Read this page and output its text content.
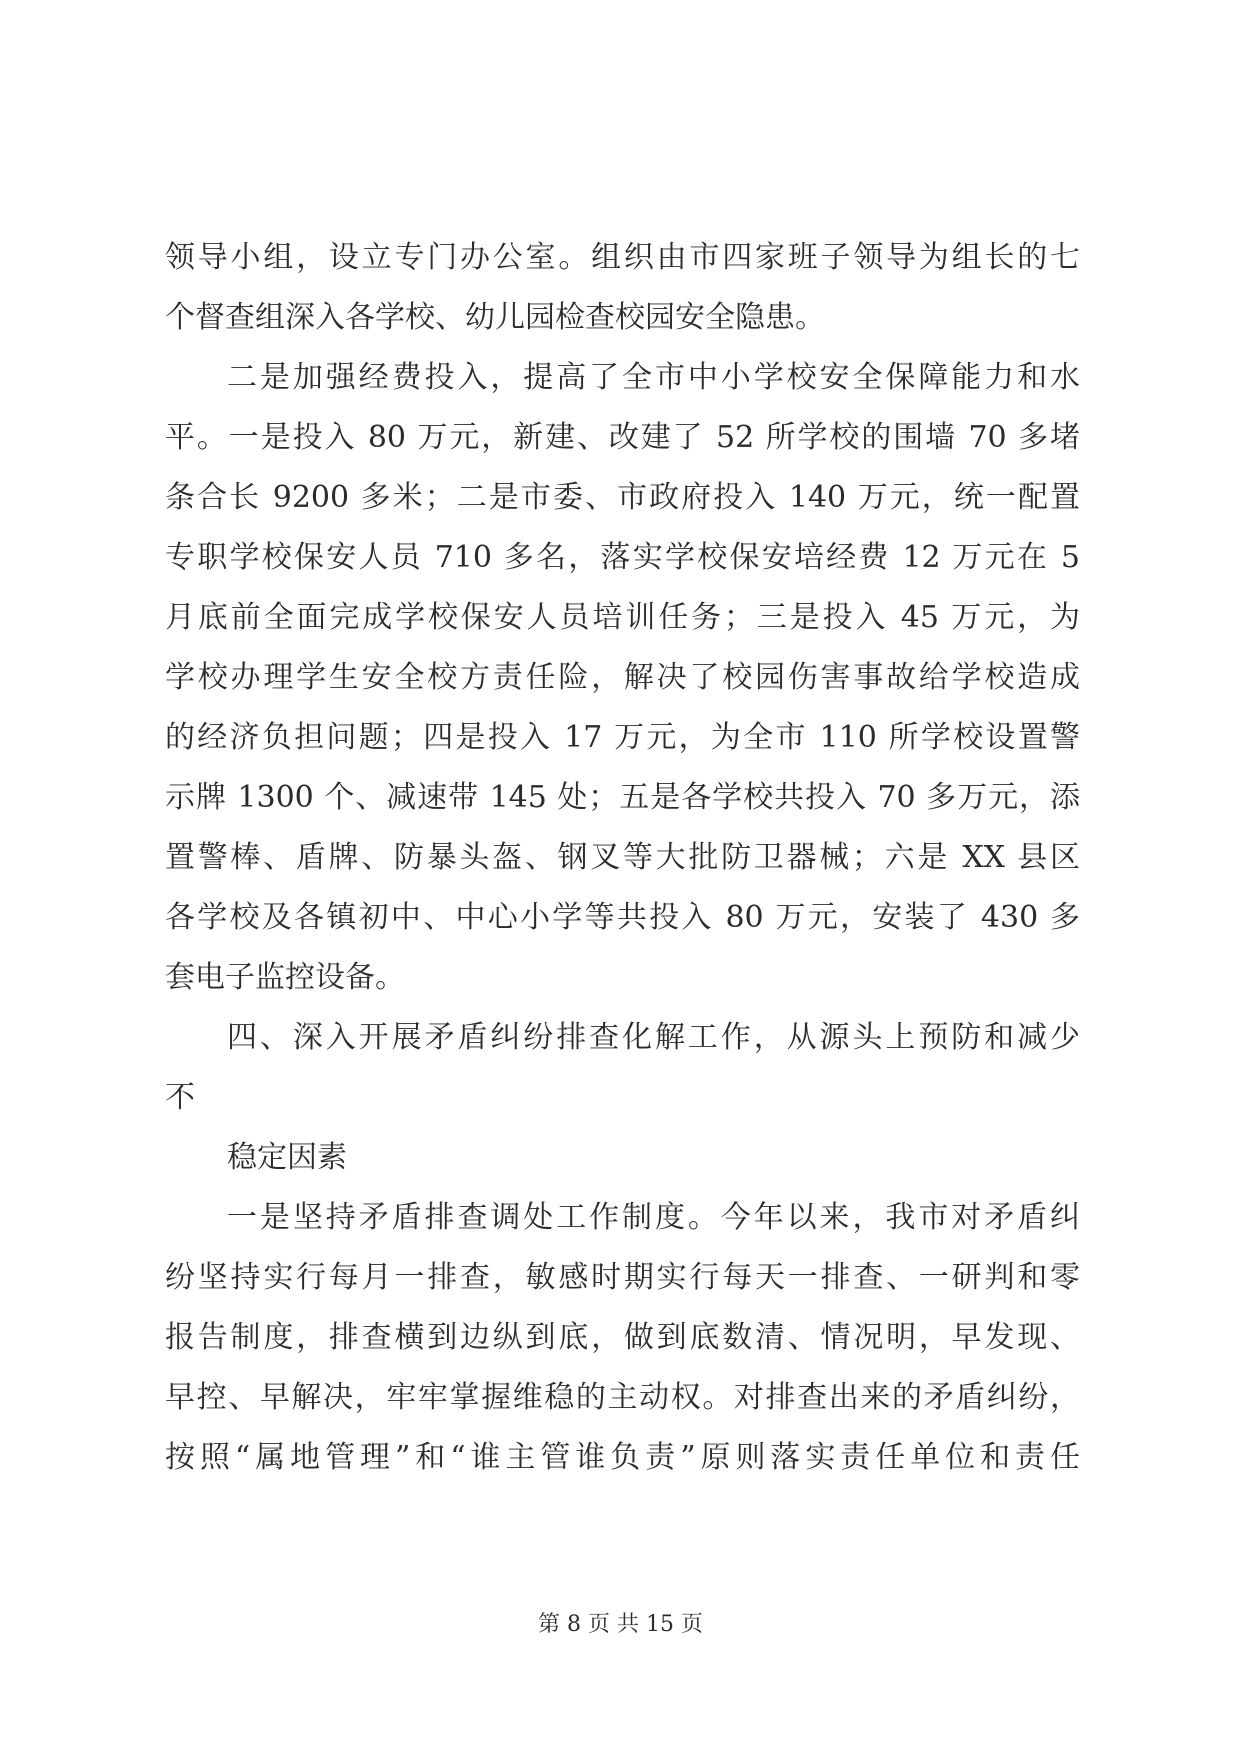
领导小组，设立专门办公室。组织由市四家班子领导为组长的七
个督查组深入各学校、幼儿园检查校园安全隐患。
二是加强经费投入，提高了全市中小学校安全保障能力和水
平。一是投入 80 万元，新建、改建了 52 所学校的围墙 70 多堵
条合长 9200 多米；二是市委、市政府投入 140 万元，统一配置
专职学校保安人员 710 多名，落实学校保安培经费 12 万元在 5
月底前全面完成学校保安人员培训任务；三是投入 45 万元，为
学校办理学生安全校方责任险，解决了校园伤害事故给学校造成
的经济负担问题；四是投入 17 万元，为全市 110 所学校设置警
示牌 1300 个、减速带 145 处；五是各学校共投入 70 多万元，添
置警棒、盾牌、防暴头盔、钢叉等大批防卫器械；六是 XX 县区
各学校及各镇初中、中心小学等共投入 80 万元，安装了 430 多
套电子监控设备。
四、深入开展矛盾纠纷排查化解工作，从源头上预防和减少
不
稳定因素
一是坚持矛盾排查调处工作制度。今年以来，我市对矛盾纠
纷坚持实行每月一排查，敏感时期实行每天一排查、一研判和零
报告制度，排查横到边纵到底，做到底数清、情况明，早发现、
早控、早解决，牢牢掌握维稳的主动权。对排查出来的矛盾纠纷，
按照“属地管理”和“谁主管谁负责”原则落实责任单位和责任
第 8 页 共 15 页
